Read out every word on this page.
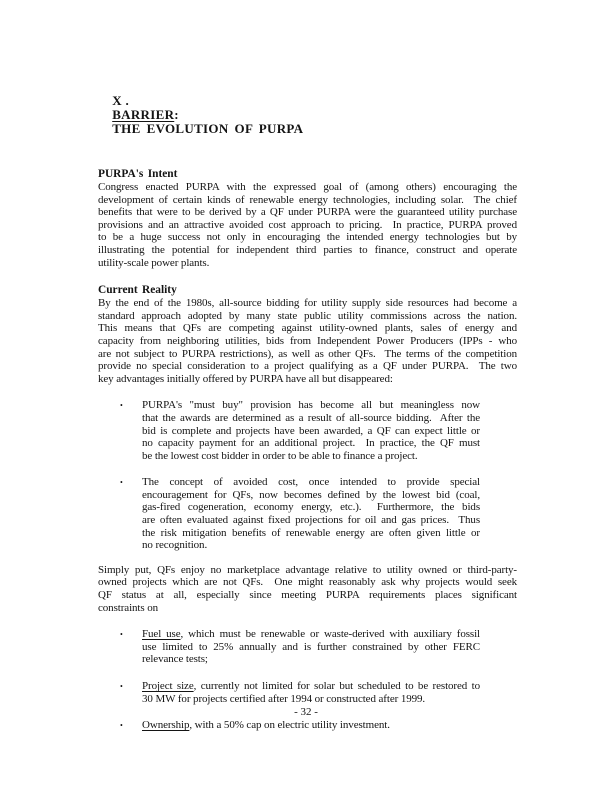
X .
BARRIER:
THE EVOLUTION OF PURPA

PURPA's Intent
Congress enacted PURPA with the expressed goal of (among others) encouraging the
development of certain kinds of renewable energy technologies, including solar.  The chief
benefits that were to be derived by a QF under PURPA were the guaranteed utility purchase
provisions and an attractive avoided cost approach to pricing.  In practice, PURPA proved
to be a huge success not only in encouraging the intended energy technologies but by
illustrating the potential for independent third parties to finance, construct and operate
utility-scale power plants.
Current Reality
By the end of the 1980s, all-source bidding for utility supply side resources had become a
standard approach adopted by many state public utility commissions across the nation.
This means that QFs are competing against utility-owned plants, sales of energy and
capacity from neighboring utilities, bids from Independent Power Producers (IPPs - who
are not subject to PURPA restrictions), as well as other QFs.  The terms of the competition
provide no special consideration to a project qualifying as a QF under PURPA.  The two
key advantages initially offered by PURPA have all but disappeared:
•	PURPA's "must buy" provision has become all but meaningless now
that the awards are determined as a result of all-source bidding.  After the
bid is complete and projects have been awarded, a QF can expect little or
no capacity payment for an additional project.  In practice, the QF must
be the lowest cost bidder in order to be able to finance a project.
•	The concept of avoided cost, once intended to provide special
encouragement for QFs, now becomes defined by the lowest bid (coal,
gas-fired cogeneration, economy energy, etc.).  Furthermore, the bids
are often evaluated against fixed projections for oil and gas prices.  Thus
the risk mitigation benefits of renewable energy are often given little or
no recognition.
Simply put, QFs enjoy no marketplace advantage relative to utility owned or third-party-
owned projects which are not QFs.  One might reasonably ask why projects would seek
QF status at all, especially since meeting PURPA requirements places significant
constraints on
•	Fuel use, which must be renewable or waste-derived with auxiliary fossil
use limited to 25% annually and is further constrained by other FERC
relevance tests;
•	Project size, currently not limited for solar but scheduled to be restored to
30 MW for projects certified after 1994 or constructed after 1999.
•	Ownership, with a 50% cap on electric utility investment.
- 32 -
